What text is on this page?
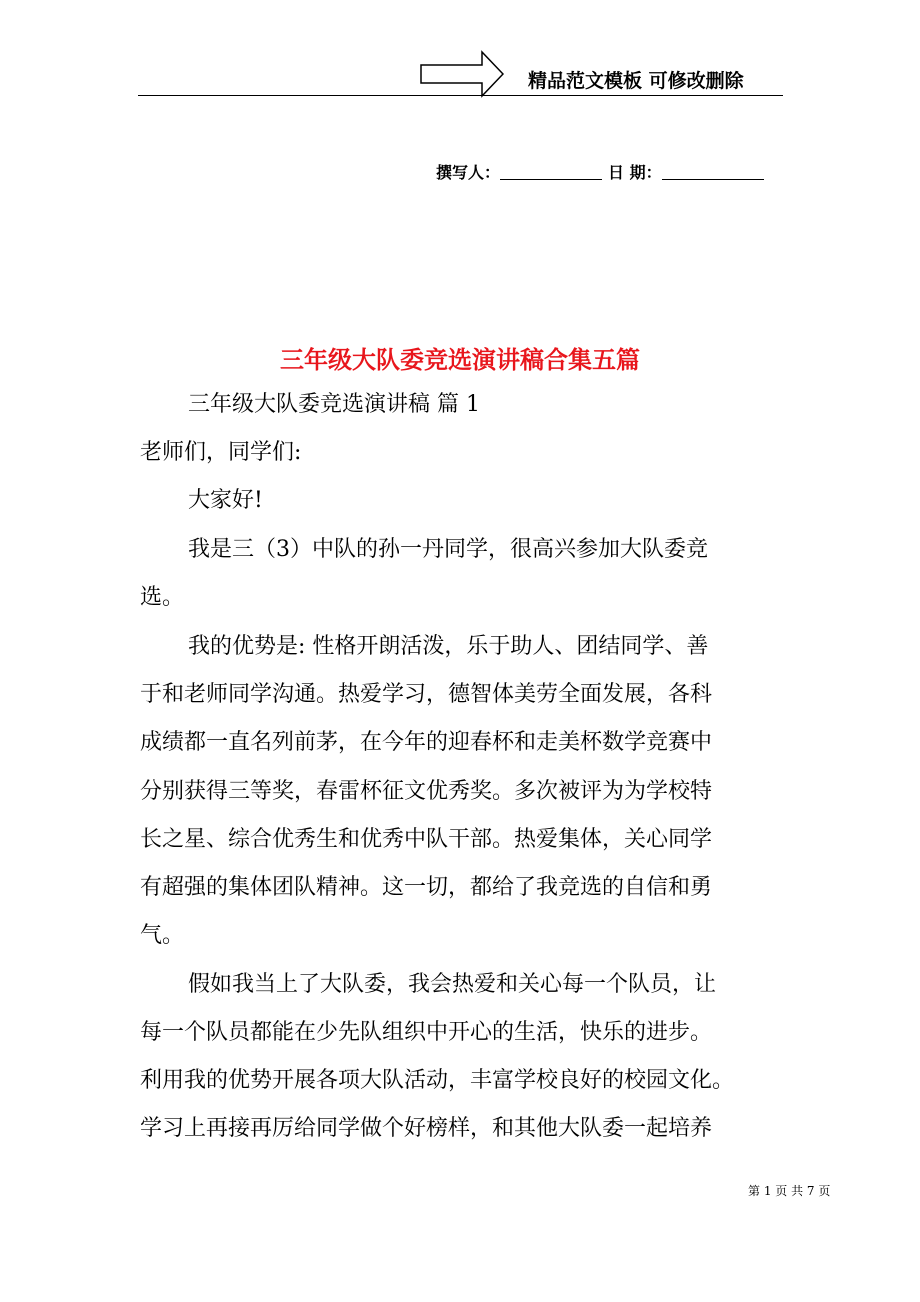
精品范文模板 可修改删除
撰写人：	日 期：
三年级大队委竞选演讲稿合集五篇
三年级大队委竞选演讲稿 篇 1
老师们，同学们:
大家好!
我是三（3）中队的孙一丹同学，很高兴参加大队委竞
选。
我的优势是: 性格开朗活泼，乐于助人、团结同学、善
于和老师同学沟通。热爱学习，德智体美劳全面发展，各科
成绩都一直名列前茅，在今年的迎春杯和走美杯数学竞赛中
分别获得三等奖，春雷杯征文优秀奖。多次被评为为学校特
长之星、综合优秀生和优秀中队干部。热爱集体，关心同学
有超强的集体团队精神。这一切，都给了我竞选的自信和勇
气。
假如我当上了大队委，我会热爱和关心每一个队员，让
每一个队员都能在少先队组织中开心的生活，快乐的进步。
利用我的优势开展各项大队活动，丰富学校良好的校园文化。
学习上再接再厉给同学做个好榜样，和其他大队委一起培养
第 1 页 共 7 页
